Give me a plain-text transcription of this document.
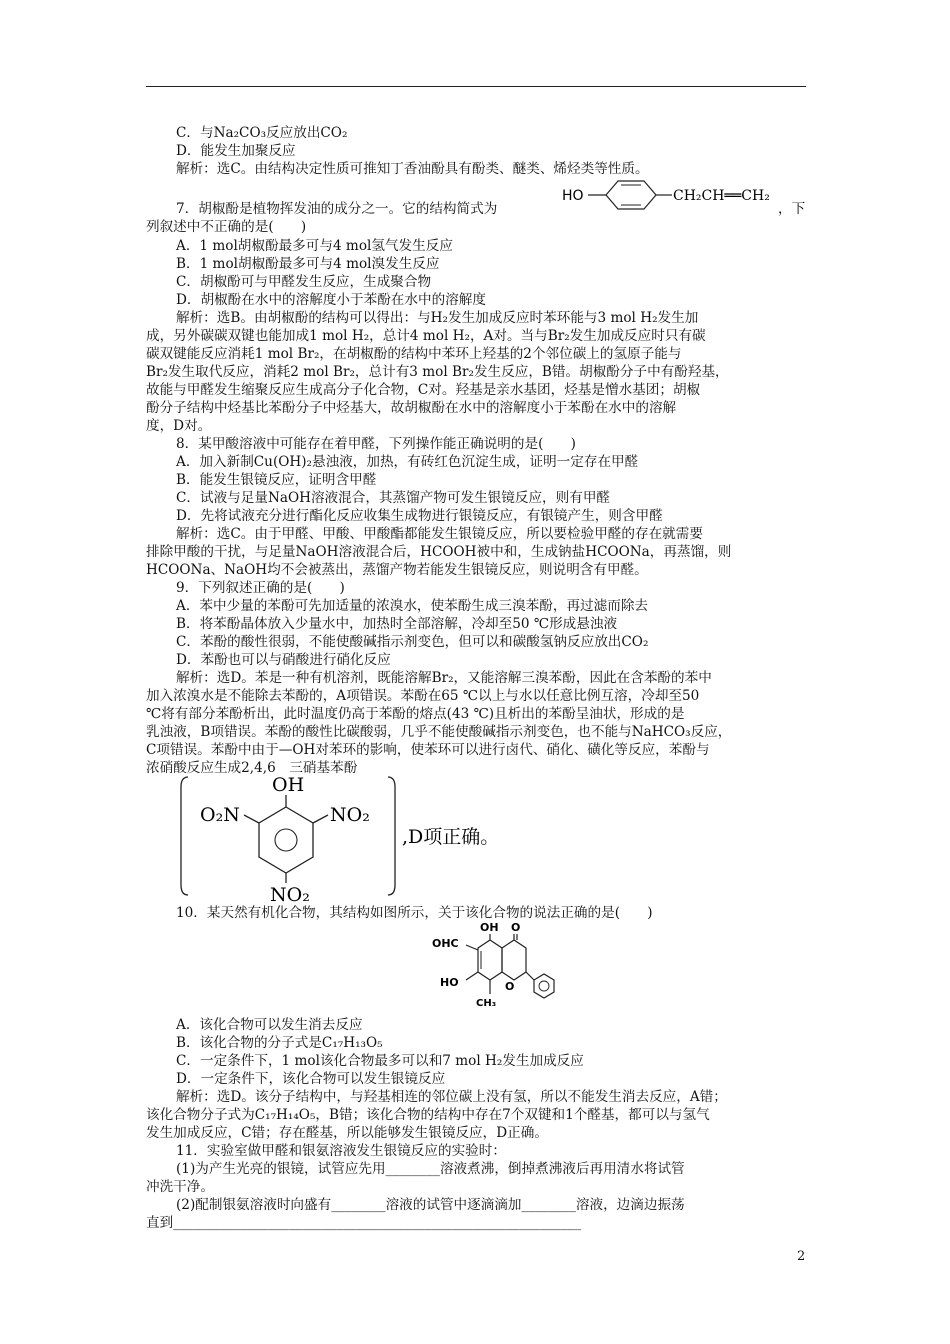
C．与Na₂CO₃反应放出CO₂
D．能发生加聚反应
解析：选C。由结构决定性质可推知丁香油酚具有酚类、醚类、烯烃类等性质。
7．胡椒酚是植物挥发油的成分之一。它的结构简式为
HO	CH₂CH══CH₂
，下
列叙述中不正确的是(　　)
A．1 mol胡椒酚最多可与4 mol氢气发生反应
B．1 mol胡椒酚最多可与4 mol溴发生反应
C．胡椒酚可与甲醛发生反应，生成聚合物
D．胡椒酚在水中的溶解度小于苯酚在水中的溶解度
解析：选B。由胡椒酚的结构可以得出：与H₂发生加成反应时苯环能与3 mol H₂发生加
成，另外碳碳双键也能加成1 mol H₂，总计4 mol H₂，A对。当与Br₂发生加成反应时只有碳
碳双键能反应消耗1 mol Br₂，在胡椒酚的结构中苯环上羟基的2个邻位碳上的氢原子能与
Br₂发生取代反应，消耗2 mol Br₂，总计有3 mol Br₂发生反应，B错。胡椒酚分子中有酚羟基，
故能与甲醛发生缩聚反应生成高分子化合物，C对。羟基是亲水基团，烃基是憎水基团；胡椒
酚分子结构中烃基比苯酚分子中烃基大，故胡椒酚在水中的溶解度小于苯酚在水中的溶解
度，D对。
8．某甲酸溶液中可能存在着甲醛，下列操作能正确说明的是(　　)
A．加入新制Cu(OH)₂悬浊液，加热，有砖红色沉淀生成，证明一定存在甲醛
B．能发生银镜反应，证明含甲醛
C．试液与足量NaOH溶液混合，其蒸馏产物可发生银镜反应，则有甲醛
D．先将试液充分进行酯化反应收集生成物进行银镜反应，有银镜产生，则含甲醛
解析：选C。由于甲醛、甲酸、甲酸酯都能发生银镜反应，所以要检验甲醛的存在就需要
排除甲酸的干扰，与足量NaOH溶液混合后，HCOOH被中和，生成钠盐HCOONa，再蒸馏，则
HCOONa、NaOH均不会被蒸出，蒸馏产物若能发生银镜反应，则说明含有甲醛。
9．下列叙述正确的是(　　)
A．苯中少量的苯酚可先加适量的浓溴水，使苯酚生成三溴苯酚，再过滤而除去
B．将苯酚晶体放入少量水中，加热时全部溶解，冷却至50 ℃形成悬浊液
C．苯酚的酸性很弱，不能使酸碱指示剂变色，但可以和碳酸氢钠反应放出CO₂
D．苯酚也可以与硝酸进行硝化反应
解析：选D。苯是一种有机溶剂，既能溶解Br₂，又能溶解三溴苯酚，因此在含苯酚的苯中
加入浓溴水是不能除去苯酚的，A项错误。苯酚在65 ℃以上与水以任意比例互溶，冷却至50
℃将有部分苯酚析出，此时温度仍高于苯酚的熔点(43 ℃)且析出的苯酚呈油状，形成的是
乳浊液，B项错误。苯酚的酸性比碳酸弱，几乎不能使酸碱指示剂变色，也不能与NaHCO₃反应，
C项错误。苯酚中由于—OH对苯环的影响，使苯环可以进行卤代、硝化、磺化等反应，苯酚与
浓硝酸反应生成2,4,6　三硝基苯酚
OH
O₂N	NO₂
NO₂
,D项正确。
10．某天然有机化合物，其结构如图所示，关于该化合物的说法正确的是(　　)
OH O
OHC
HO	O
CH₃
A．该化合物可以发生消去反应
B．该化合物的分子式是C₁₇H₁₃O₅
C．一定条件下，1 mol该化合物最多可以和7 mol H₂发生加成反应
D．一定条件下，该化合物可以发生银镜反应
解析：选D。该分子结构中，与羟基相连的邻位碳上没有氢，所以不能发生消去反应，A错；
该化合物分子式为C₁₇H₁₄O₅，B错；该化合物的结构中存在7个双键和1个醛基，都可以与氢气
发生加成反应，C错；存在醛基，所以能够发生银镜反应，D正确。
11．实验室做甲醛和银氨溶液发生银镜反应的实验时：
(1)为产生光亮的银镜，试管应先用________溶液煮沸，倒掉煮沸液后再用清水将试管
冲洗干净。
(2)配制银氨溶液时向盛有________溶液的试管中逐滴滴加________溶液，边滴边振荡
直到____________________________________________________________
2
